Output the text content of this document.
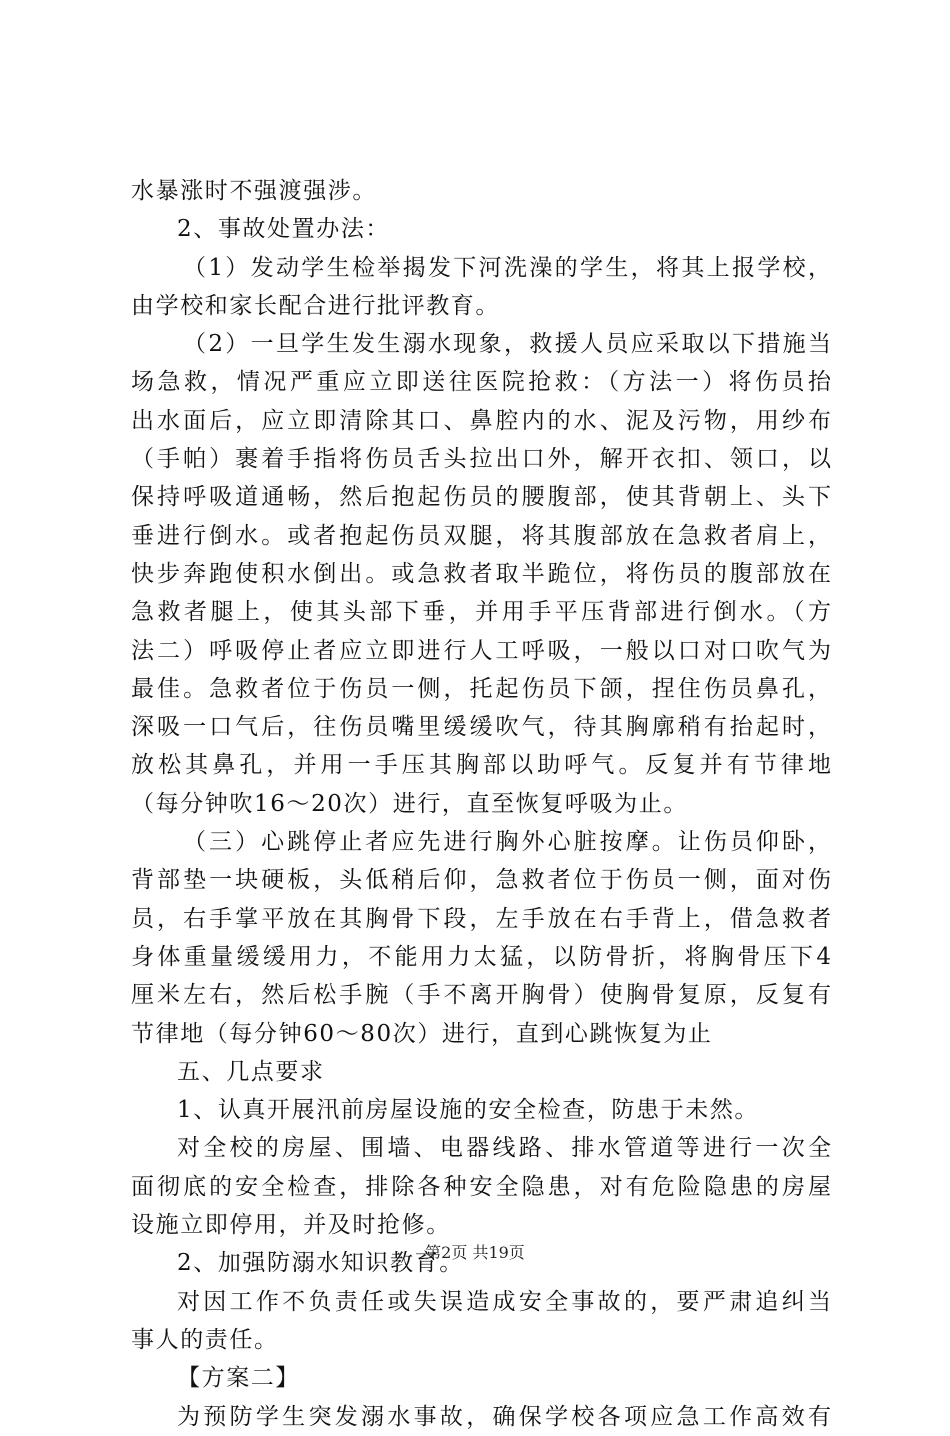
水暴涨时不强渡强涉。
2、事故处置办法：
（1）发动学生检举揭发下河洗澡的学生，将其上报学校，
由学校和家长配合进行批评教育。
（2）一旦学生发生溺水现象，救援人员应采取以下措施当
场急救，情况严重应立即送往医院抢救：（方法一）将伤员抬
出水面后，应立即清除其口、鼻腔内的水、泥及污物，用纱布
（手帕）裹着手指将伤员舌头拉出口外，解开衣扣、领口，以
保持呼吸道通畅，然后抱起伤员的腰腹部，使其背朝上、头下
垂进行倒水。或者抱起伤员双腿，将其腹部放在急救者肩上，
快步奔跑使积水倒出。或急救者取半跪位，将伤员的腹部放在
急救者腿上，使其头部下垂，并用手平压背部进行倒水。（方
法二）呼吸停止者应立即进行人工呼吸，一般以口对口吹气为
最佳。急救者位于伤员一侧，托起伤员下颌，捏住伤员鼻孔，
深吸一口气后，往伤员嘴里缓缓吹气，待其胸廓稍有抬起时，
放松其鼻孔，并用一手压其胸部以助呼气。反复并有节律地
（每分钟吹16～20次）进行，直至恢复呼吸为止。
（三）心跳停止者应先进行胸外心脏按摩。让伤员仰卧，
背部垫一块硬板，头低稍后仰，急救者位于伤员一侧，面对伤
员，右手掌平放在其胸骨下段，左手放在右手背上，借急救者
身体重量缓缓用力，不能用力太猛，以防骨折，将胸骨压下4
厘米左右，然后松手腕（手不离开胸骨）使胸骨复原，反复有
节律地（每分钟60～80次）进行，直到心跳恢复为止
五、几点要求
1、认真开展汛前房屋设施的安全检查，防患于未然。
对全校的房屋、围墙、电器线路、排水管道等进行一次全
面彻底的安全检查，排除各种安全隐患，对有危险隐患的房屋
设施立即停用，并及时抢修。
2、加强防溺水知识教育。
对因工作不负责任或失误造成安全事故的，要严肃追纠当
事人的责任。
【方案二】
为预防学生突发溺水事故，确保学校各项应急工作高效有
第2页 共19页
